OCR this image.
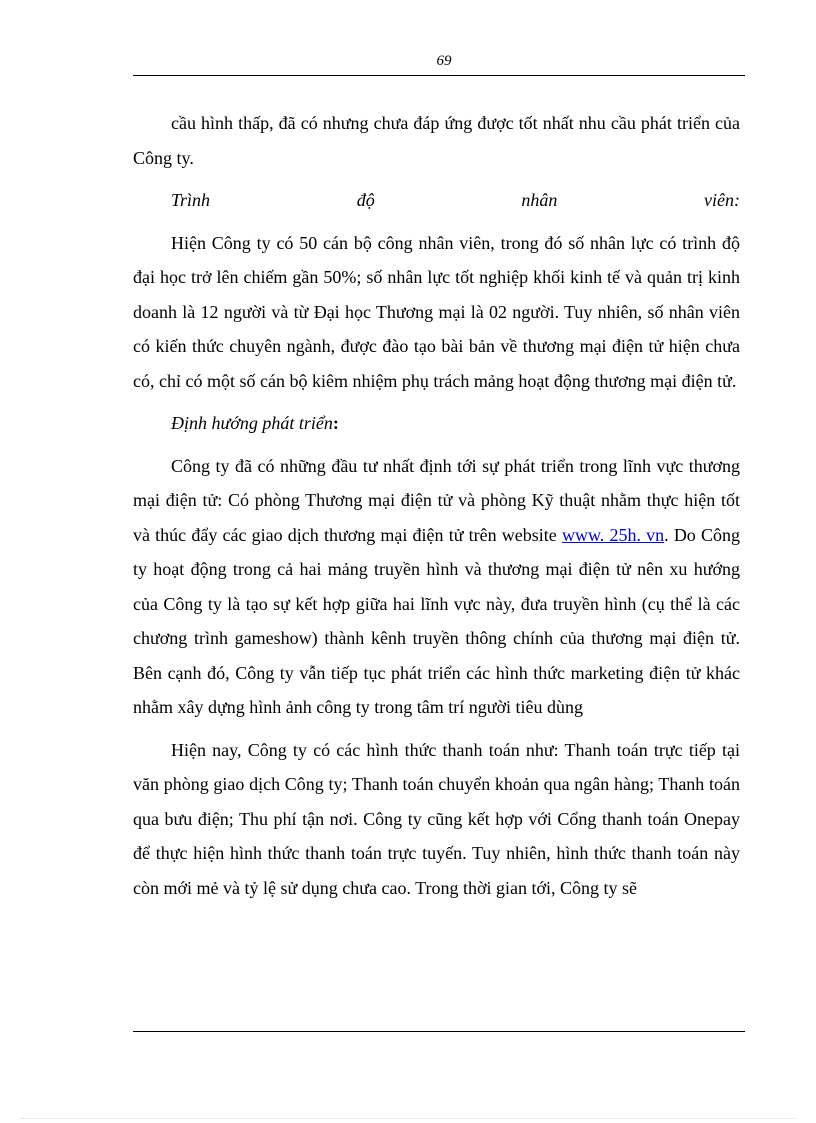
69

cầu hình thấp, đã có nhưng chưa đáp ứng được tốt nhất nhu cầu phát triển của Công ty.

Trình	độ	nhân	viên:

Hiện Công ty có 50 cán bộ công nhân viên, trong đó số nhân lực có trình độ đại học trở lên chiếm gần 50%; số nhân lực tốt nghiệp khối kinh tế và quản trị kinh doanh là 12 người và từ Đại học Thương mại là 02 người. Tuy nhiên, số nhân viên có kiến thức chuyên ngành, được đào tạo bài bản về thương mại điện tử hiện chưa có, chỉ có một số cán bộ kiêm nhiệm phụ trách mảng hoạt động thương mại điện tử.

Định hướng phát triển:

Công ty đã có những đầu tư nhất định tới sự phát triển trong lĩnh vực thương mại điện tử: Có phòng Thương mại điện tử và phòng Kỹ thuật nhằm thực hiện tốt và thúc đẩy các giao dịch thương mại điện tử trên website www. 25h. vn. Do Công ty hoạt động trong cả hai mảng truyền hình và thương mại điện tử nên xu hướng của Công ty là tạo sự kết hợp giữa hai lĩnh vực này, đưa truyền hình (cụ thể là các chương trình gameshow) thành kênh truyền thông chính của thương mại điện tử. Bên cạnh đó, Công ty vẫn tiếp tục phát triển các hình thức marketing điện tử khác nhằm xây dựng hình ảnh công ty trong tâm trí người tiêu dùng

Hiện nay, Công ty có các hình thức thanh toán như: Thanh toán trực tiếp tại văn phòng giao dịch Công ty; Thanh toán chuyển khoản qua ngân hàng; Thanh toán qua bưu điện; Thu phí tận nơi. Công ty cũng kết hợp với Cổng thanh toán Onepay để thực hiện hình thức thanh toán trực tuyến. Tuy nhiên, hình thức thanh toán này còn mới mẻ và tỷ lệ sử dụng chưa cao. Trong thời gian tới, Công ty sẽ
